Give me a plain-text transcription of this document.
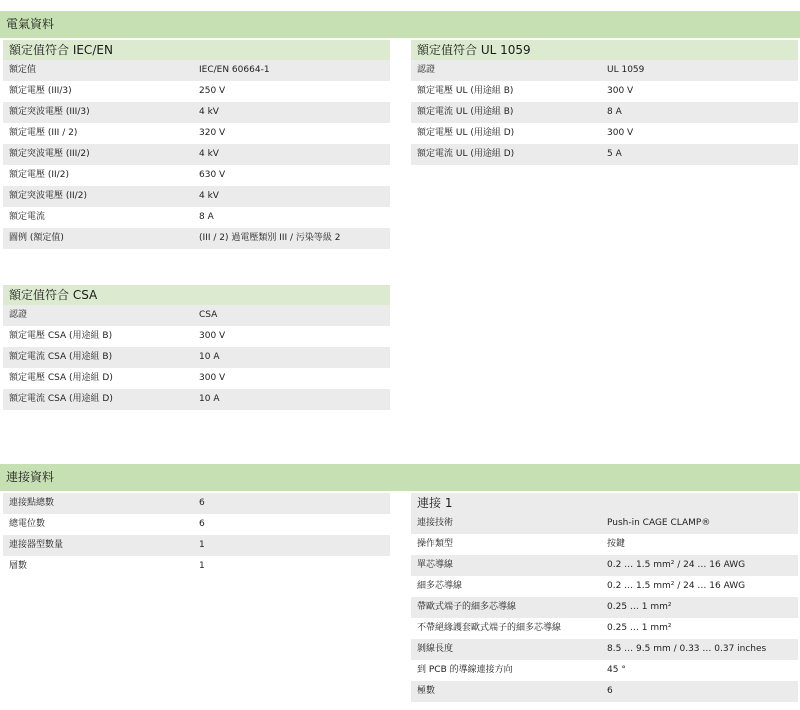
電氣資料
額定值符合 IEC/EN
額定值	IEC/EN 60664-1
額定電壓 (III/3)	250 V
額定突波電壓 (III/3)	4 kV
額定電壓 (III / 2)	320 V
額定突波電壓 (III/2)	4 kV
額定電壓 (II/2)	630 V
額定突波電壓 (II/2)	4 kV
額定電流	8 A
圖例 (額定值)	(III / 2) 過電壓類別 III / 污染等級 2
額定值符合 UL 1059
認證	UL 1059
額定電壓 UL (用途組 B)	300 V
額定電流 UL (用途組 B)	8 A
額定電壓 UL (用途組 D)	300 V
額定電流 UL (用途組 D)	5 A
額定值符合 CSA
認證	CSA
額定電壓 CSA (用途組 B)	300 V
額定電流 CSA (用途組 B)	10 A
額定電壓 CSA (用途組 D)	300 V
額定電流 CSA (用途組 D)	10 A
連接資料
連接點總數	6
總電位數	6
連接器型數量	1
層數	1
連接 1
連接技術	Push-in CAGE CLAMP®
操作類型	按鍵
單芯導線	0.2 … 1.5 mm² / 24 … 16 AWG
細多芯導線	0.2 … 1.5 mm² / 24 … 16 AWG
帶歐式端子的細多芯導線	0.25 … 1 mm²
不帶絕緣護套歐式端子的細多芯導線	0.25 … 1 mm²
剝線長度	8.5 … 9.5 mm / 0.33 … 0.37 inches
到 PCB 的導線連接方向	45 °
極數	6
